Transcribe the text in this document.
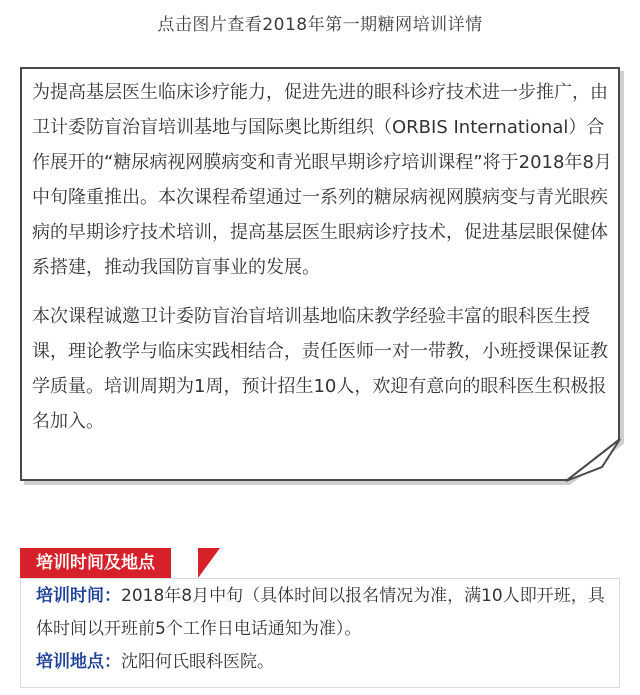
点击图片查看2018年第一期糖网培训详情

为提高基层医生临床诊疗能力，促进先进的眼科诊疗技术进一步推广，由卫计委防盲治盲培训基地与国际奥比斯组织（ORBIS International）合作展开的“糖尿病视网膜病变和青光眼早期诊疗培训课程”将于2018年8月中旬隆重推出。本次课程希望通过一系列的糖尿病视网膜病变与青光眼疾病的早期诊疗技术培训，提高基层医生眼病诊疗技术，促进基层眼保健体系搭建，推动我国防盲事业的发展。

本次课程诚邀卫计委防盲治盲培训基地临床教学经验丰富的眼科医生授课，理论教学与临床实践相结合，责任医师一对一带教，小班授课保证教学质量。培训周期为1周，预计招生10人，欢迎有意向的眼科医生积极报名加入。

培训时间及地点
培训时间：2018年8月中旬（具体时间以报名情况为准，满10人即开班，具体时间以开班前5个工作日电话通知为准）。
培训地点：沈阳何氏眼科医院。
